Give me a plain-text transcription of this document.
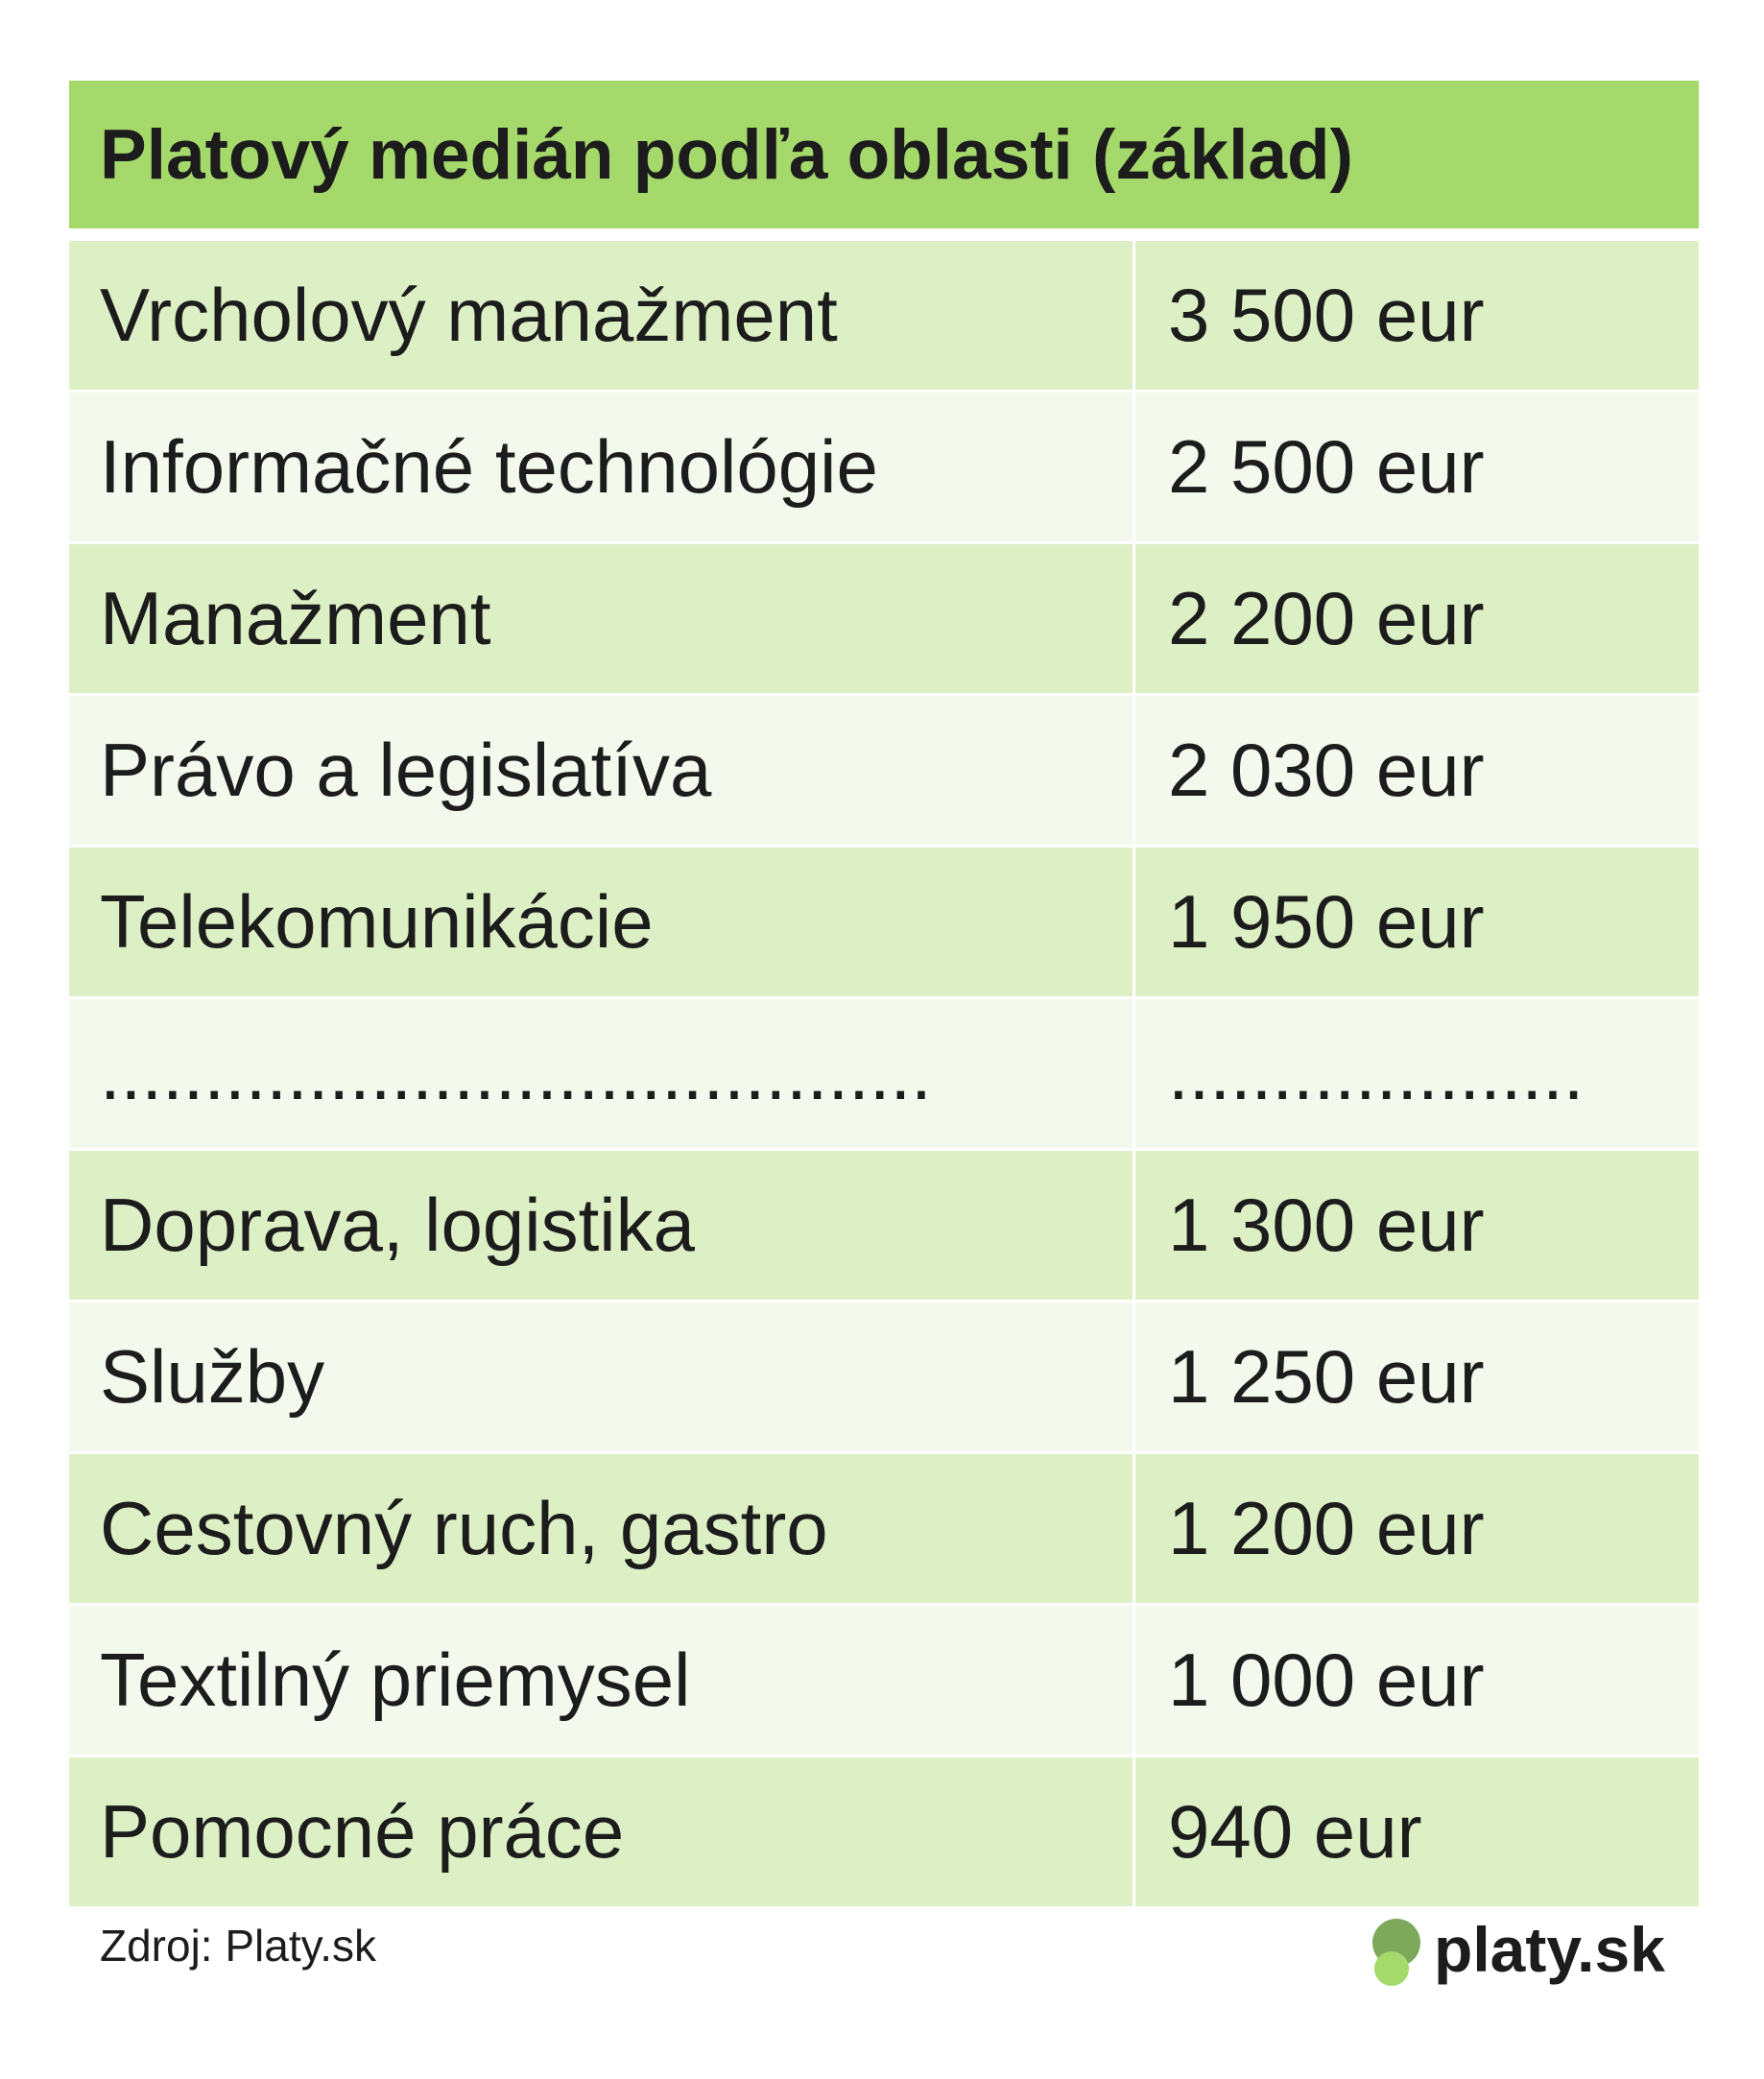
Platový medián podľa oblasti (základ)
Vrcholový manažment	3 500 eur
Informačné technológie	2 500 eur
Manažment	2 200 eur
Právo a legislatíva	2 030 eur
Telekomunikácie	1 950 eur
........................................	....................
Doprava, logistika	1 300 eur
Služby	1 250 eur
Cestovný ruch, gastro	1 200 eur
Textilný priemysel	1 000 eur
Pomocné práce	940 eur
Zdroj: Platy.sk	platy.sk
